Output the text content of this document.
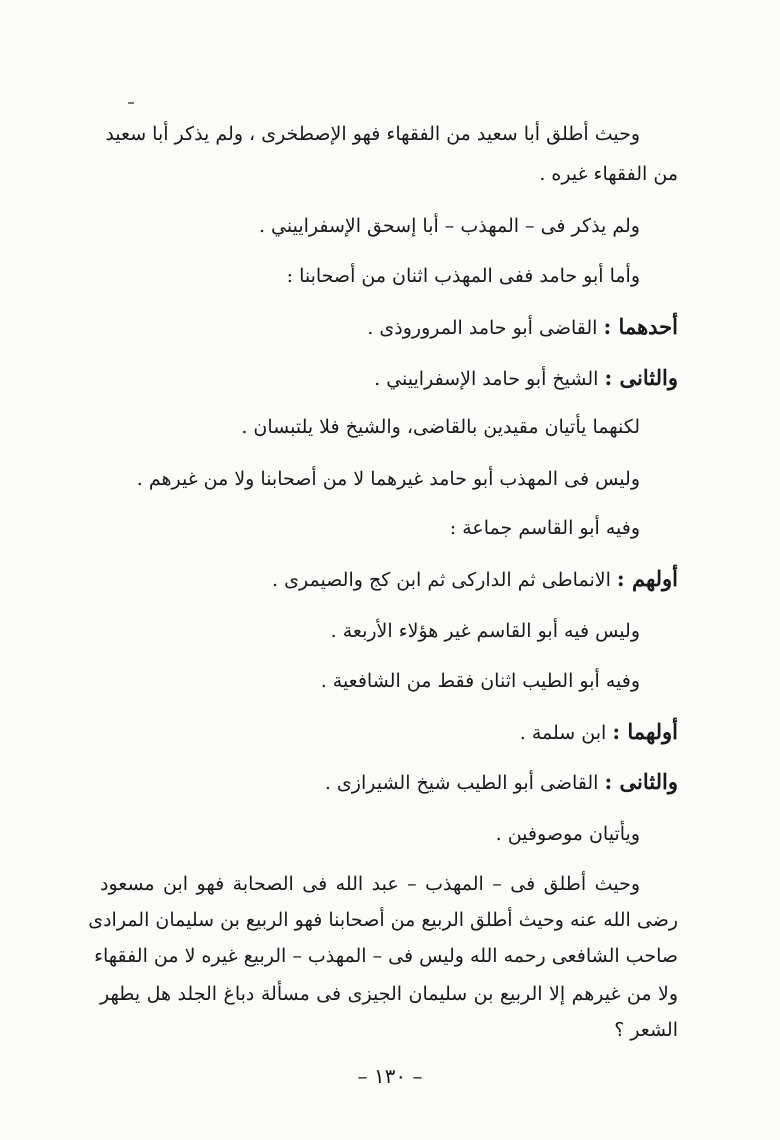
وحيث أطلق أبا سعيد من الفقهاء فهو الإصطخرى ، ولم يذكر أبا سعيد
من الفقهاء غيره .
ولم يذكر فى – المهذب – أبا إسحق الإسفراييني .
وأما أبو حامد ففى المهذب اثنان من أصحابنا :
أحدهما : القاضى أبو حامد المروروذى .
والثانى : الشيخ أبو حامد الإسفراييني .
لكنهما يأتيان مقيدين بالقاضى، والشيخ فلا يلتبسان .
وليس فى المهذب أبو حامد غيرهما لا من أصحابنا ولا من غيرهم .
وفيه أبو القاسم جماعة :
أولهم : الانماطى ثم الداركى ثم ابن كج والصيمرى .
وليس فيه أبو القاسم غير هؤلاء الأربعة .
وفيه أبو الطيب اثنان فقط من الشافعية .
أولهما : ابن سلمة .
والثانى : القاضى أبو الطيب شيخ الشيرازى .
ويأتيان موصوفين .
وحيث أطلق فى – المهذب – عبد الله فى الصحابة فهو ابن مسعود
رضى الله عنه وحيث أطلق الربيع من أصحابنا فهو الربيع بن سليمان المرادى
صاحب الشافعى رحمه الله وليس فى – المهذب – الربيع غيره لا من الفقهاء
ولا من غيرهم إلا الربيع بن سليمان الجيزى فى مسألة دباغ الجلد هل يطهر
الشعر ؟
– ١٣٠ –
